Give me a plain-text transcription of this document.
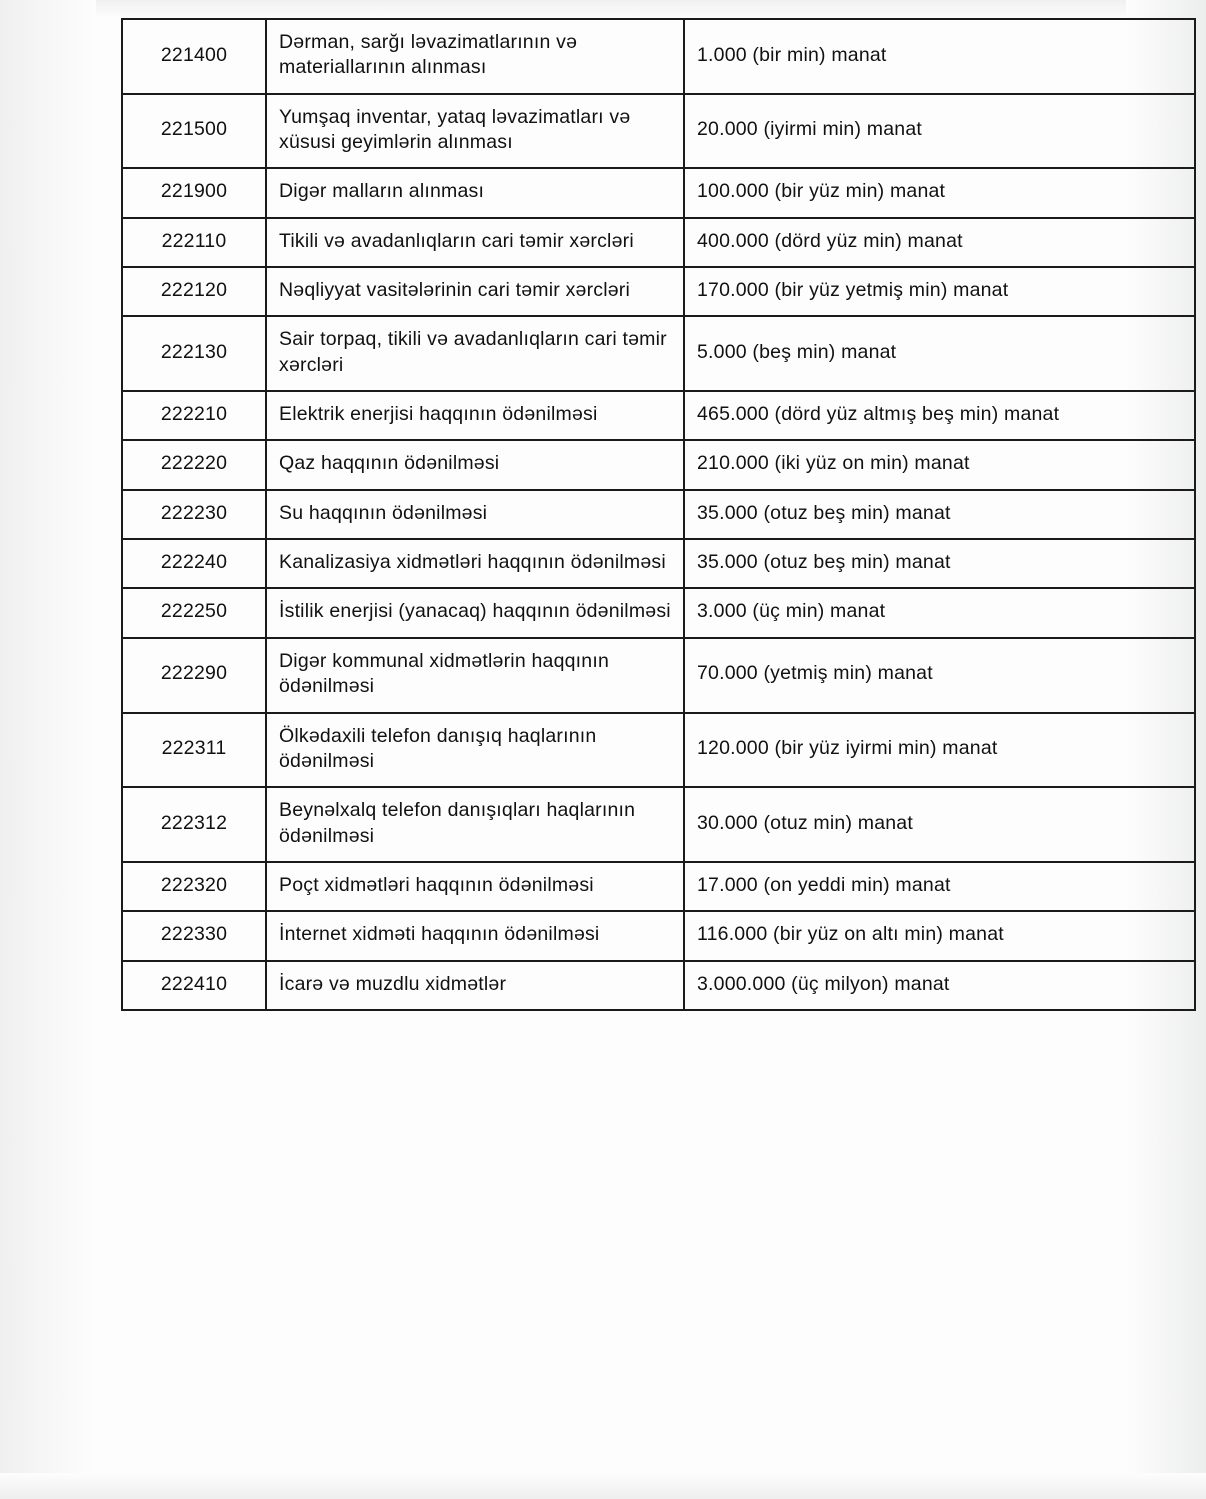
221400	Dərman, sarğı ləvazimatlarının və materiallarının alınması	1.000 (bir min) manat
221500	Yumşaq inventar, yataq ləvazimatları və xüsusi geyimlərin alınması	20.000 (iyirmi min) manat
221900	Digər malların alınması	100.000 (bir yüz min) manat
222110	Tikili və avadanlıqların cari təmir xərcləri	400.000 (dörd yüz min) manat
222120	Nəqliyyat vasitələrinin cari təmir xərcləri	170.000 (bir yüz yetmiş min) manat
222130	Sair torpaq, tikili və avadanlıqların cari təmir xərcləri	5.000 (beş min) manat
222210	Elektrik enerjisi haqqının ödənilməsi	465.000 (dörd yüz altmış beş min) manat
222220	Qaz haqqının ödənilməsi	210.000 (iki yüz on min) manat
222230	Su haqqının ödənilməsi	35.000 (otuz beş min) manat
222240	Kanalizasiya xidmətləri haqqının ödənilməsi	35.000 (otuz beş min) manat
222250	İstilik enerjisi (yanacaq) haqqının ödənilməsi	3.000 (üç min) manat
222290	Digər kommunal xidmətlərin haqqının ödənilməsi	70.000 (yetmiş min) manat
222311	Ölkədaxili telefon danışıq haqlarının ödənilməsi	120.000 (bir yüz iyirmi min) manat
222312	Beynəlxalq telefon danışıqları haqlarının ödənilməsi	30.000 (otuz min) manat
222320	Poçt xidmətləri haqqının ödənilməsi	17.000 (on yeddi min) manat
222330	İnternet xidməti haqqının ödənilməsi	116.000 (bir yüz on altı min) manat
222410	İcarə və muzdlu xidmətlər	3.000.000 (üç milyon) manat
